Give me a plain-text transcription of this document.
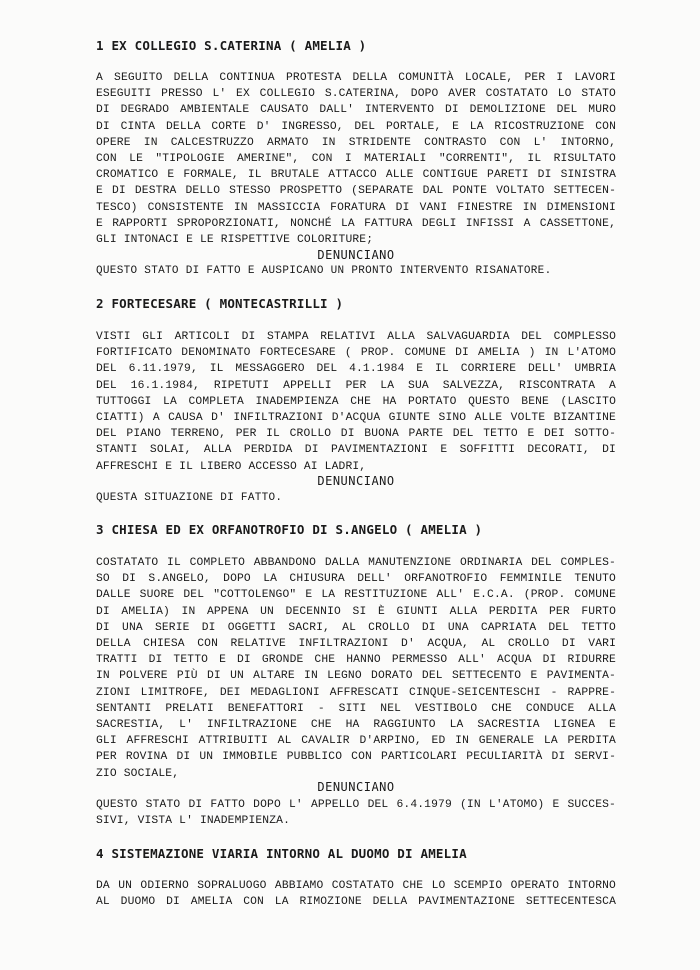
1 EX COLLEGIO S.CATERINA ( AMELIA )

A SEGUITO DELLA CONTINUA PROTESTA DELLA COMUNITÀ LOCALE, PER I LAVORI
ESEGUITI PRESSO L' EX COLLEGIO S.CATERINA, DOPO AVER COSTATATO LO STATO
DI DEGRADO AMBIENTALE CAUSATO DALL' INTERVENTO DI DEMOLIZIONE DEL MURO
DI CINTA DELLA CORTE D' INGRESSO, DEL PORTALE, E LA RICOSTRUZIONE CON
OPERE IN CALCESTRUZZO ARMATO IN STRIDENTE CONTRASTO CON L' INTORNO,
CON LE "TIPOLOGIE AMERINE", CON I MATERIALI "CORRENTI", IL RISULTATO
CROMATICO E FORMALE, IL BRUTALE ATTACCO ALLE CONTIGUE PARETI DI SINISTRA
E DI DESTRA DELLO STESSO PROSPETTO (SEPARATE DAL PONTE VOLTATO SETTECEN-
TESCO) CONSISTENTE IN MASSICCIA FORATURA DI VANI FINESTRE IN DIMENSIONI
E RAPPORTI SPROPORZIONATI, NONCHÉ LA FATTURA DEGLI INFISSI A CASSETTONE,
GLI INTONACI E LE RISPETTIVE COLORITURE;

DENUNCIANO

QUESTO STATO DI FATTO E AUSPICANO UN PRONTO INTERVENTO RISANATORE.

2 FORTECESARE ( MONTECASTRILLI )

VISTI GLI ARTICOLI DI STAMPA RELATIVI ALLA SALVAGUARDIA DEL COMPLESSO
FORTIFICATO DENOMINATO FORTECESARE ( PROP. COMUNE DI AMELIA ) IN L'ATOMO
DEL 6.11.1979, IL MESSAGGERO DEL 4.1.1984 E IL CORRIERE DELL' UMBRIA
DEL 16.1.1984, RIPETUTI APPELLI PER LA SUA SALVEZZA, RISCONTRATA A
TUTTOGGI LA COMPLETA INADEMPIENZA CHE HA PORTATO QUESTO BENE (LASCITO
CIATTI) A CAUSA D' INFILTRAZIONI D'ACQUA GIUNTE SINO ALLE VOLTE BIZANTINE
DEL PIANO TERRENO, PER IL CROLLO DI BUONA PARTE DEL TETTO E DEI SOTTO-
STANTI SOLAI, ALLA PERDIDA DI PAVIMENTAZIONI E SOFFITTI DECORATI, DI
AFFRESCHI E IL LIBERO ACCESSO AI LADRI,

DENUNCIANO

QUESTA SITUAZIONE DI FATTO.

3 CHIESA ED EX ORFANOTROFIO DI S.ANGELO ( AMELIA )

COSTATATO IL COMPLETO ABBANDONO DALLA MANUTENZIONE ORDINARIA DEL COMPLES-
SO DI S.ANGELO, DOPO LA CHIUSURA DELL' ORFANOTROFIO FEMMINILE TENUTO
DALLE SUORE DEL "COTTOLENGO" E LA RESTITUZIONE ALL' E.C.A. (PROP. COMUNE
DI AMELIA) IN APPENA UN DECENNIO SI È GIUNTI ALLA PERDITA PER FURTO
DI UNA SERIE DI OGGETTI SACRI, AL CROLLO DI UNA CAPRIATA DEL TETTO
DELLA CHIESA CON RELATIVE INFILTRAZIONI D' ACQUA, AL CROLLO DI VARI
TRATTI DI TETTO E DI GRONDE CHE HANNO PERMESSO ALL' ACQUA DI RIDURRE
IN POLVERE PIÙ DI UN ALTARE IN LEGNO DORATO DEL SETTECENTO E PAVIMENTA-
ZIONI LIMITROFE, DEI MEDAGLIONI AFFRESCATI CINQUE-SEICENTESCHI - RAPPRE-
SENTANTI PRELATI BENEFATTORI - SITI NEL VESTIBOLO CHE CONDUCE ALLA
SACRESTIA, L' INFILTRAZIONE CHE HA RAGGIUNTO LA SACRESTIA LIGNEA E
GLI AFFRESCHI ATTRIBUITI AL CAVALIR D'ARPINO, ED IN GENERALE LA PERDITA
PER ROVINA DI UN IMMOBILE PUBBLICO CON PARTICOLARI PECULIARITÀ DI SERVI-
ZIO SOCIALE,

DENUNCIANO

QUESTO STATO DI FATTO DOPO L' APPELLO DEL 6.4.1979 (IN L'ATOMO) E SUCCES-
SIVI, VISTA L' INADEMPIENZA.

4 SISTEMAZIONE VIARIA INTORNO AL DUOMO DI AMELIA

DA UN ODIERNO SOPRALUOGO ABBIAMO COSTATATO CHE LO SCEMPIO OPERATO INTORNO
AL DUOMO DI AMELIA CON LA RIMOZIONE DELLA PAVIMENTAZIONE SETTECENTESCA
